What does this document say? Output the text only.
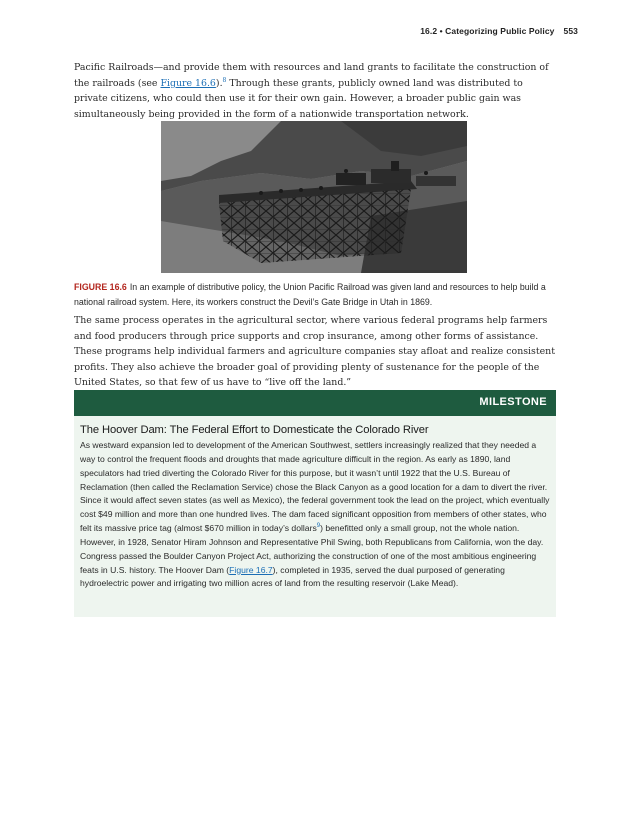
16.2 • Categorizing Public Policy 553

Pacific Railroads—and provide them with resources and land grants to facilitate the construction of the railroads (see Figure 16.6).$^8$ Through these grants, publicly owned land was distributed to private citizens, who could then use it for their own gain. However, a broader public gain was simultaneously being provided in the form of a nationwide transportation network.

FIGURE 16.6 In an example of distributive policy, the Union Pacific Railroad was given land and resources to help build a national railroad system. Here, its workers construct the Devil’s Gate Bridge in Utah in 1869.

The same process operates in the agricultural sector, where various federal programs help farmers and food producers through price supports and crop insurance, among other forms of assistance. These programs help individual farmers and agriculture companies stay afloat and realize consistent profits. They also achieve the broader goal of providing plenty of sustenance for the people of the United States, so that few of us have to “live off the land.”

MILESTONE
The Hoover Dam: The Federal Effort to Domesticate the Colorado River

As westward expansion led to development of the American Southwest, settlers increasingly realized that they needed a way to control the frequent floods and droughts that made agriculture difficult in the region. As early as 1890, land speculators had tried diverting the Colorado River for this purpose, but it wasn’t until 1922 that the U.S. Bureau of Reclamation (then called the Reclamation Service) chose the Black Canyon as a good location for a dam to divert the river. Since it would affect seven states (as well as Mexico), the federal government took the lead on the project, which eventually cost $49 million and more than one hundred lives. The dam faced significant opposition from members of other states, who felt its massive price tag (almost $670 million in today’s dollars$^9$) benefitted only a small group, not the whole nation. However, in 1928, Senator Hiram Johnson and Representative Phil Swing, both Republicans from California, won the day. Congress passed the Boulder Canyon Project Act, authorizing the construction of one of the most ambitious engineering feats in U.S. history. The Hoover Dam (Figure 16.7), completed in 1935, served the dual purposed of generating hydroelectric power and irrigating two million acres of land from the resulting reservoir (Lake Mead).
